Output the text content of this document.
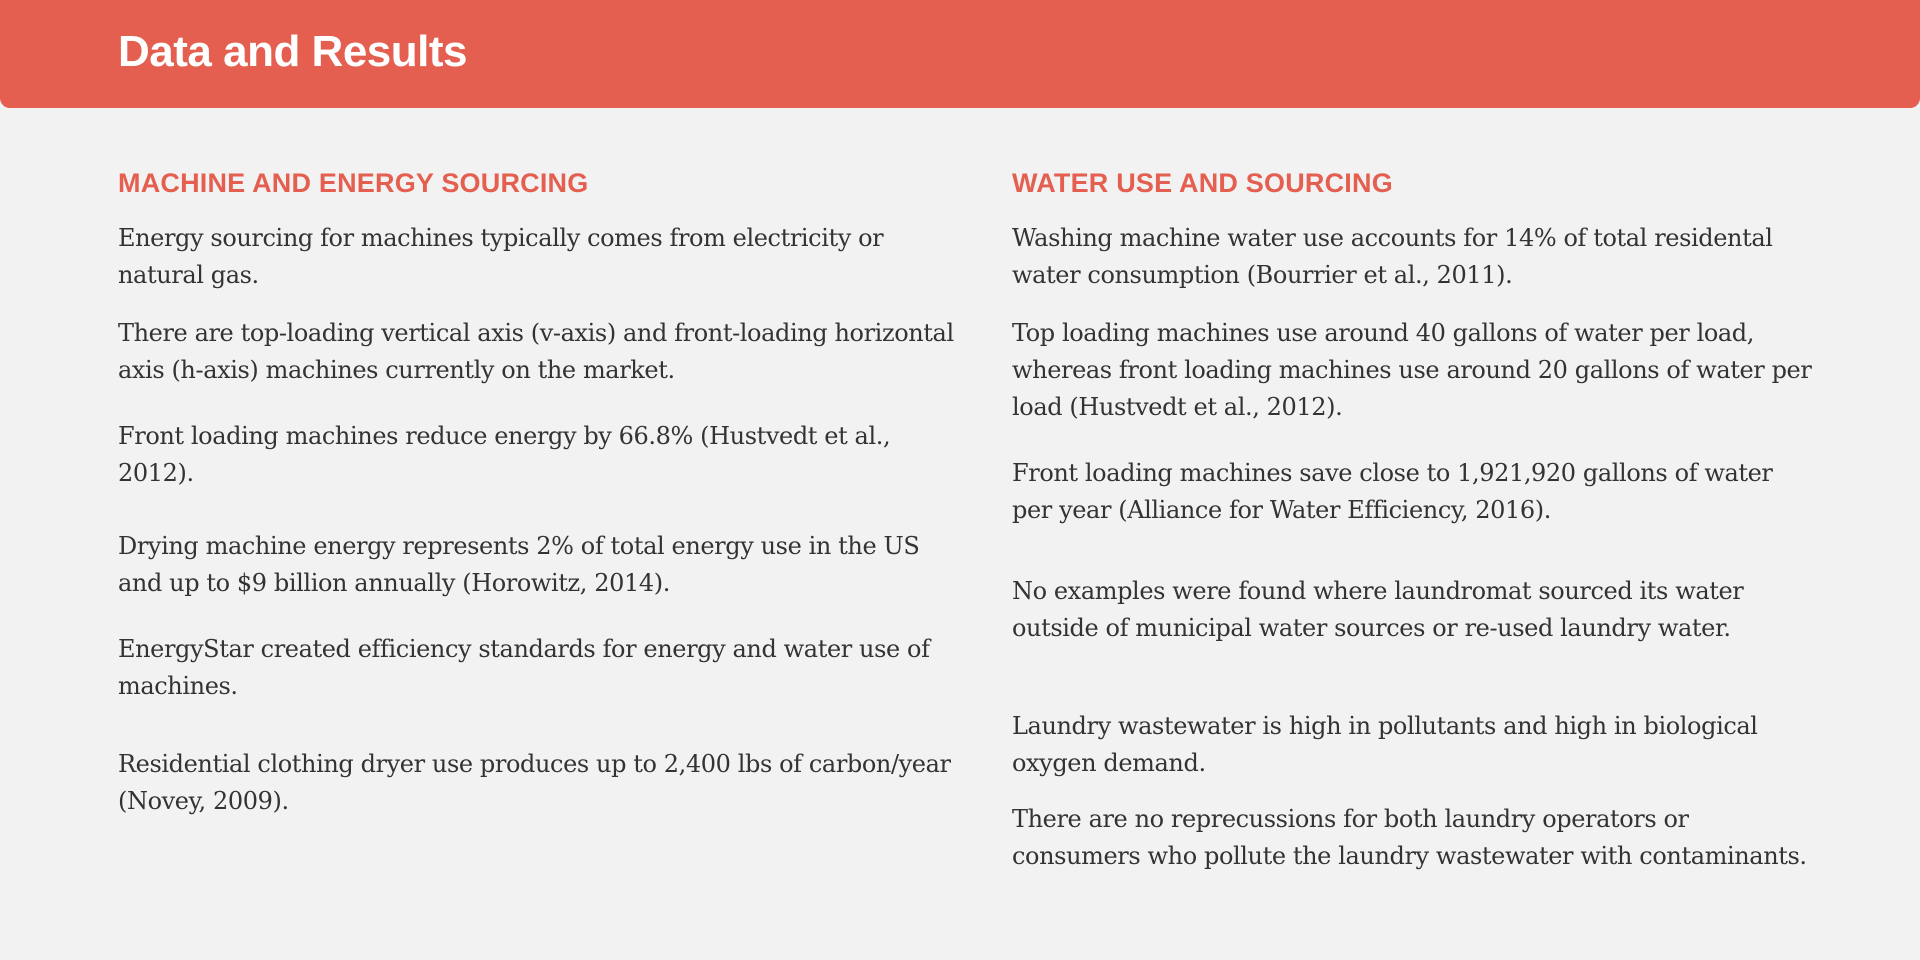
Data and Results
MACHINE AND ENERGY SOURCING

Energy sourcing for machines typically comes from electricity or natural gas.

There are top-loading vertical axis (v-axis) and front-loading horizontal axis (h-axis) machines currently on the market.

Front loading machines reduce energy by 66.8% (Hustvedt et al., 2012).

Drying machine energy represents 2% of total energy use in the US and up to $9 billion annually (Horowitz, 2014).

EnergyStar created efficiency standards for energy and water use of machines.

Residential clothing dryer use produces up to 2,400 lbs of carbon/year (Novey, 2009).

WATER USE AND SOURCING

Washing machine water use accounts for 14% of total residental water consumption (Bourrier et al., 2011).

Top loading machines use around 40 gallons of water per load, whereas front loading machines use around 20 gallons of water per load (Hustvedt et al., 2012).

Front loading machines save close to 1,921,920 gallons of water per year (Alliance for Water Efficiency, 2016).

No examples were found where laundromat sourced its water outside of municipal water sources or re-used laundry water.

Laundry wastewater is high in pollutants and high in biological oxygen demand.

There are no reprecussions for both laundry operators or consumers who pollute the laundry wastewater with contaminants.
